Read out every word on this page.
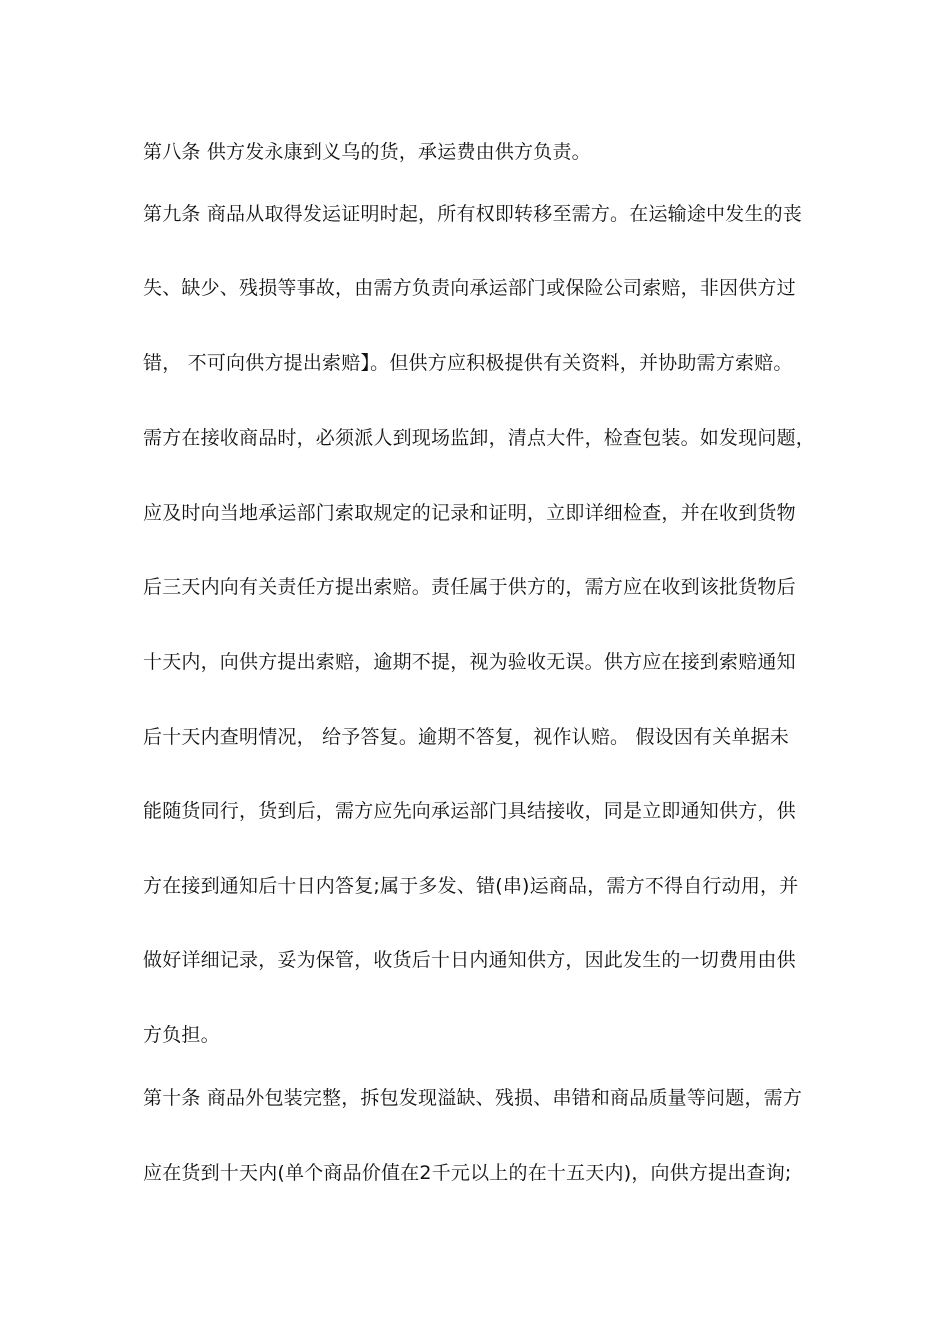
第八条 供方发永康到义乌的货，承运费由供方负责。
第九条 商品从取得发运证明时起，所有权即转移至需方。在运输途中发生的丧
失、缺少、残损等事故，由需方负责向承运部门或保险公司索赔，非因供方过
错， 不可向供方提出索赔】。但供方应积极提供有关资料，并协助需方索赔。
需方在接收商品时，必须派人到现场监卸，清点大件，检查包装。如发现问题，
应及时向当地承运部门索取规定的记录和证明，立即详细检查，并在收到货物
后三天内向有关责任方提出索赔。责任属于供方的，需方应在收到该批货物后
十天内，向供方提出索赔，逾期不提，视为验收无误。供方应在接到索赔通知
后十天内查明情况， 给予答复。逾期不答复，视作认赔。 假设因有关单据未
能随货同行，货到后，需方应先向承运部门具结接收，同是立即通知供方，供
方在接到通知后十日内答复;属于多发、错(串)运商品，需方不得自行动用，并
做好详细记录，妥为保管，收货后十日内通知供方，因此发生的一切费用由供
方负担。
第十条 商品外包装完整，拆包发现溢缺、残损、串错和商品质量等问题，需方
应在货到十天内(单个商品价值在2千元以上的在十五天内)，向供方提出查询;
